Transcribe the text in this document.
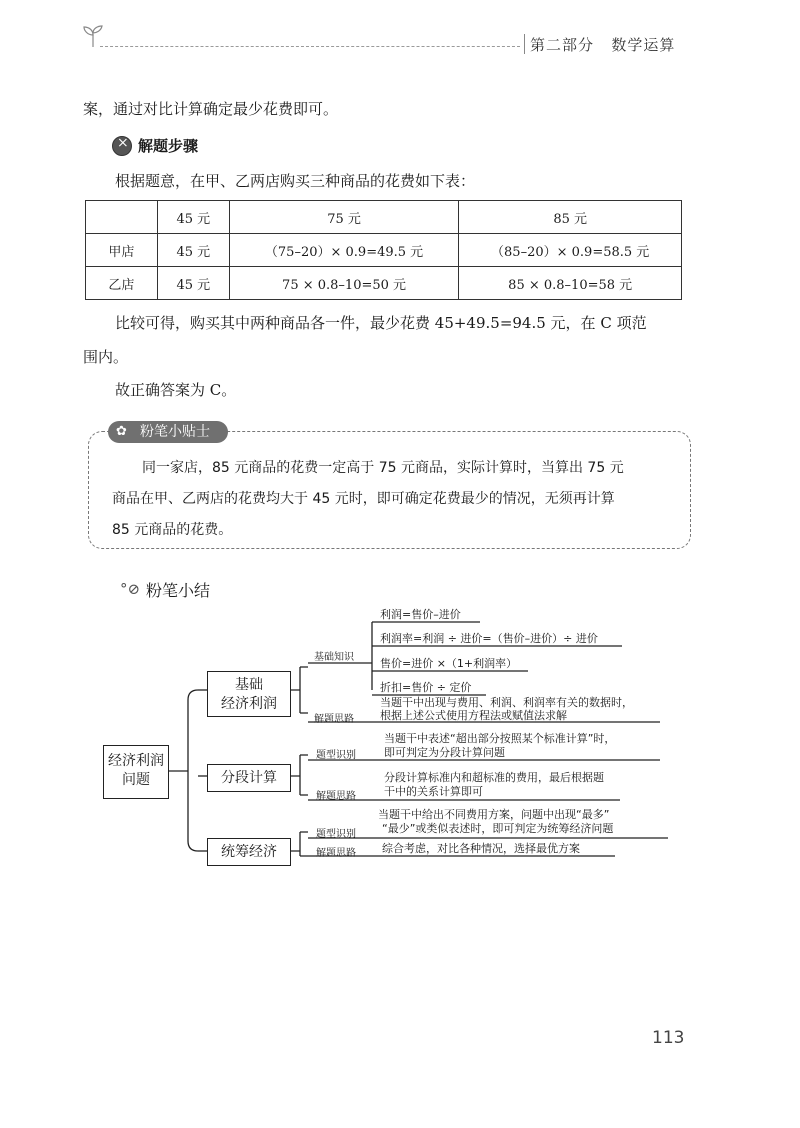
第二部分 数学运算
案，通过对比计算确定最少花费即可。
×
解题步骤
根据题意，在甲、乙两店购买三种商品的花费如下表：
	45 元	75 元	85 元
甲店	45 元	（75–20）× 0.9=49.5 元	（85–20）× 0.9=58.5 元
乙店	45 元	75 × 0.8–10=50 元	85 × 0.8–10=58 元
比较可得，购买其中两种商品各一件，最少花费 45+49.5=94.5 元，在 C 项范
围内。
故正确答案为 C。
✿ 粉笔小贴士
同一家店，85 元商品的花费一定高于 75 元商品，实际计算时，当算出 75 元
商品在甲、乙两店的花费均大于 45 元时，即可确定花费最少的情况，无须再计算
85 元商品的花费。
°⊘ 粉笔小结
经济利润
问题
基础
经济利润
分段计算
统筹经济
基础知识
解题思路
利润=售价–进价
利润率=利润 ÷ 进价=（售价–进价）÷ 进价
售价=进价 ×（1+利润率）
折扣=售价 ÷ 定价
当题干中出现与费用、利润、利润率有关的数据时，
根据上述公式使用方程法或赋值法求解
题型识别
解题思路
当题干中表述“超出部分按照某个标准计算”时，
即可判定为分段计算问题
分段计算标准内和超标准的费用，最后根据题
干中的关系计算即可
题型识别
解题思路
当题干中给出不同费用方案，问题中出现“最多”
“最少”或类似表述时，即可判定为统筹经济问题
综合考虑，对比各种情况，选择最优方案
113
